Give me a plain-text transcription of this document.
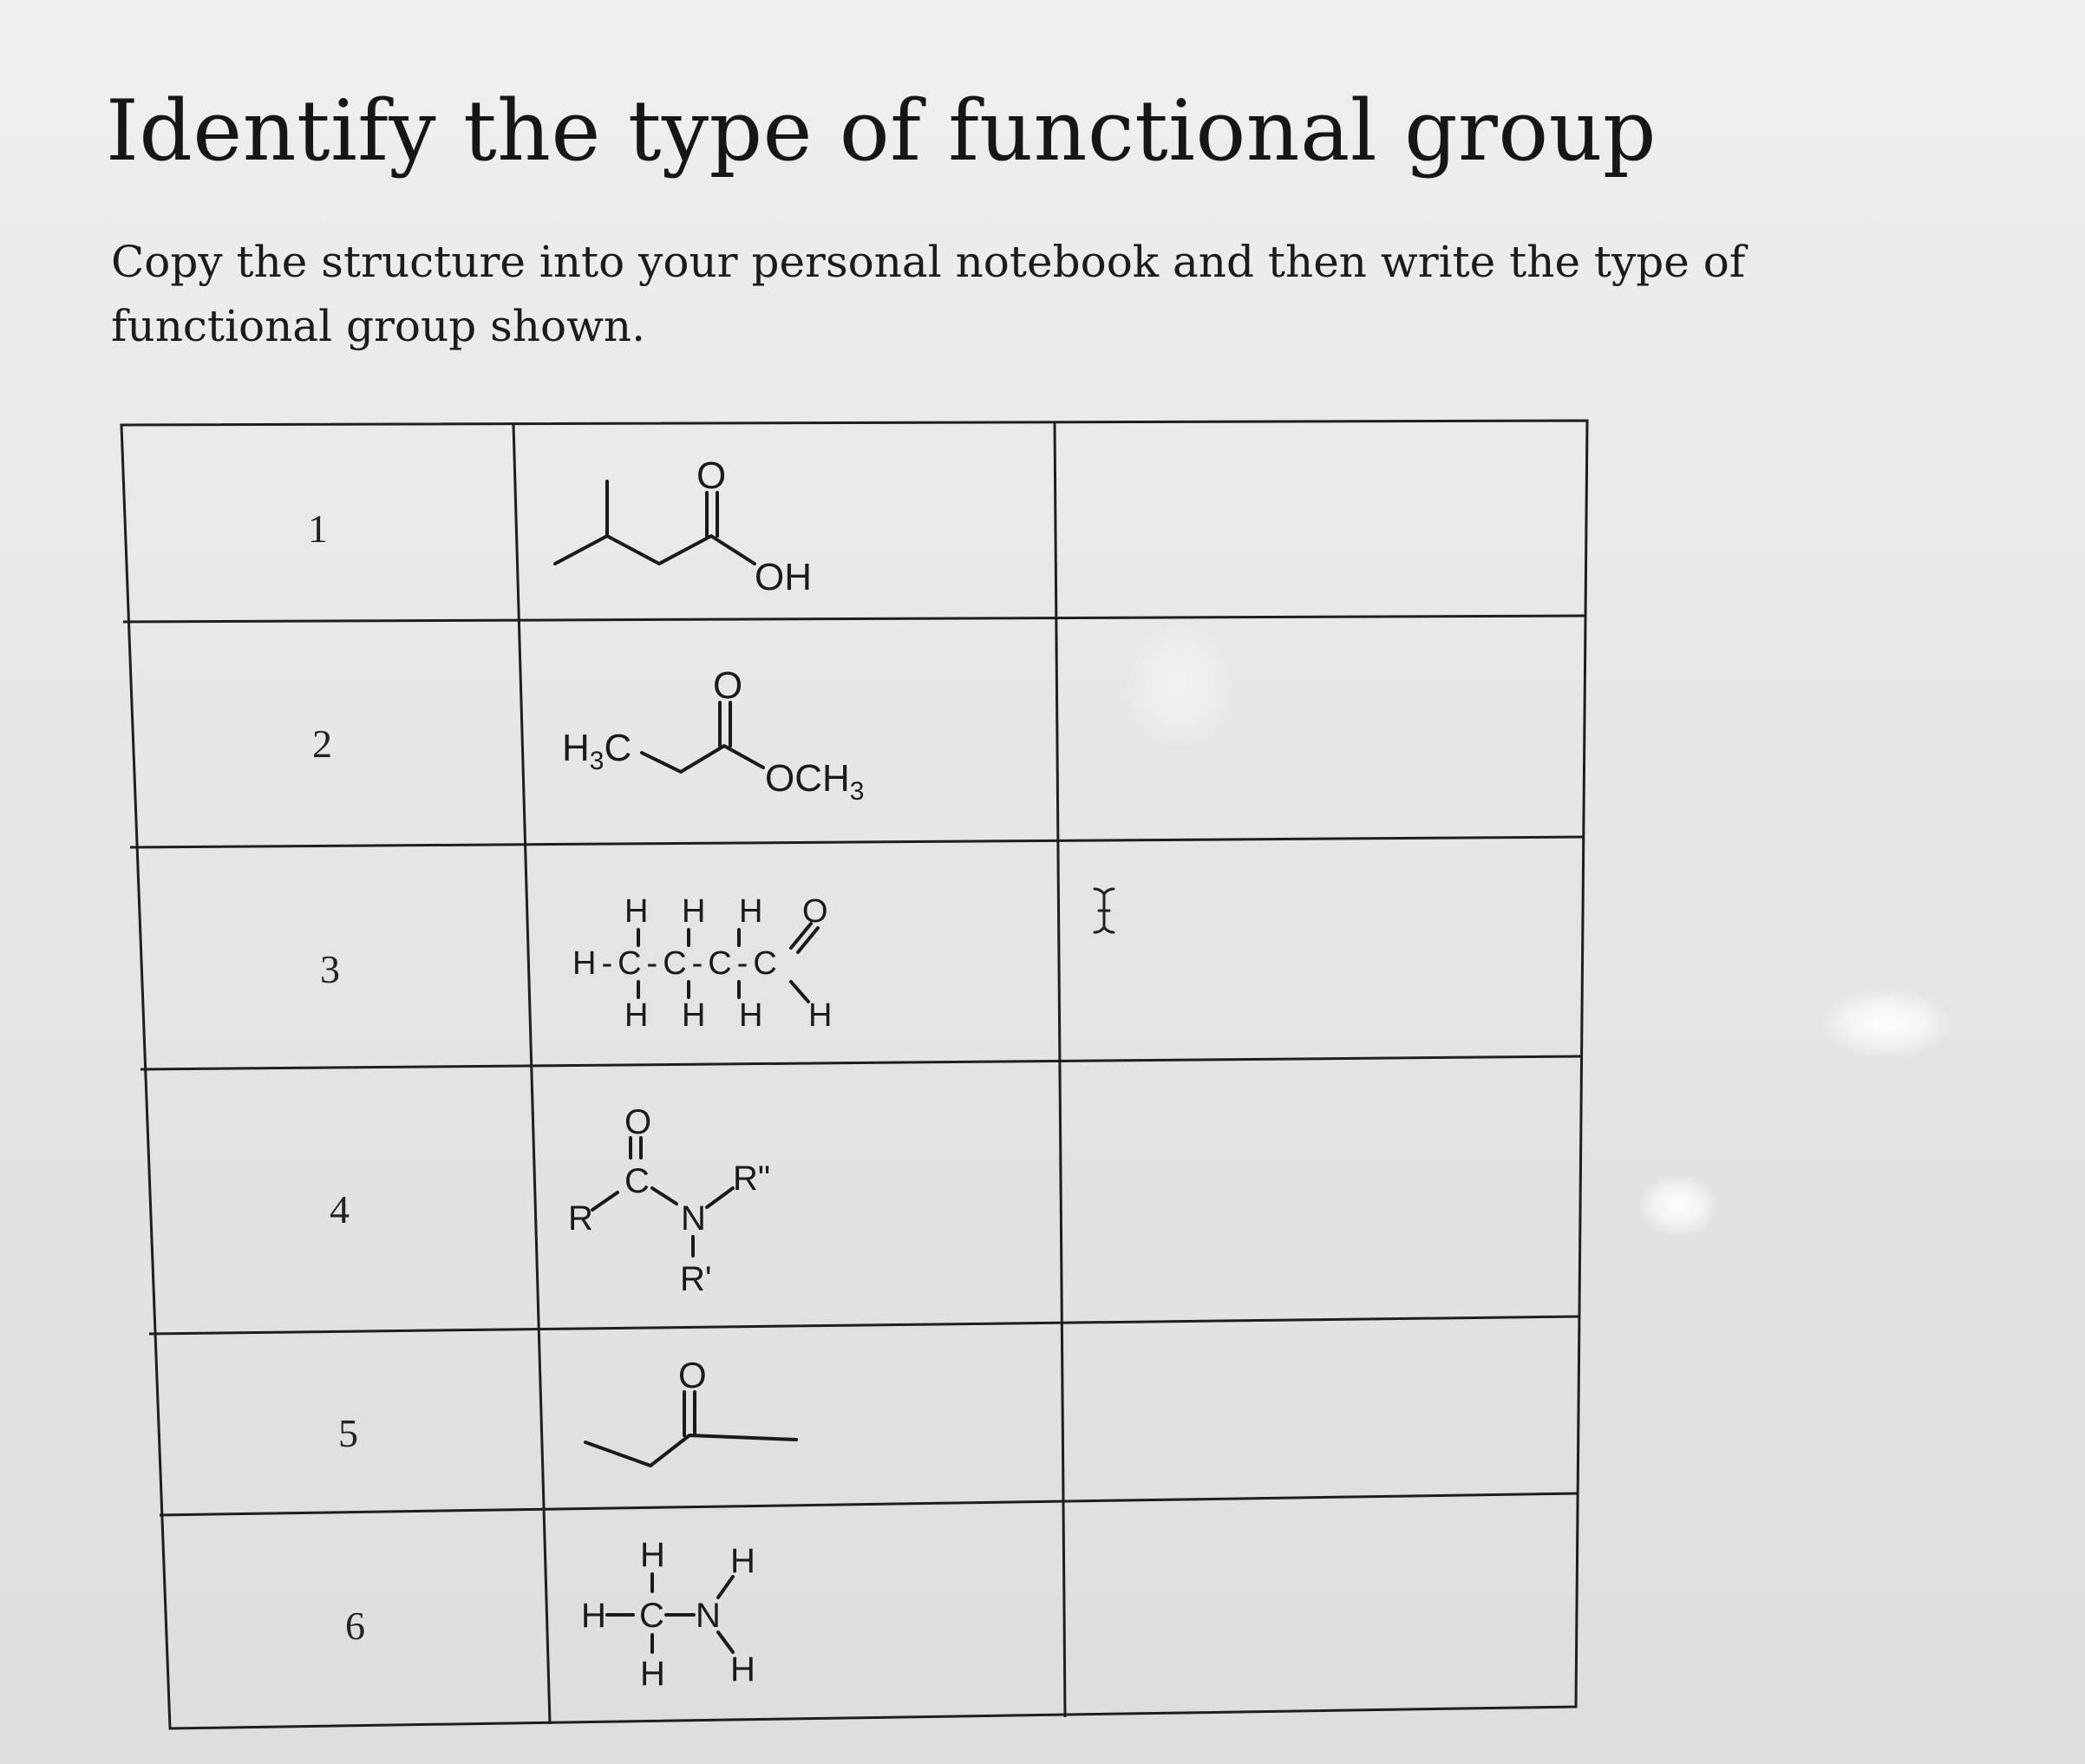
Identify the type of functional group

Copy the structure into your personal notebook and then write the type of functional group shown.

1
2
3
4
5
6
O
OH
$H_3C$
O
$OCH_3$
H H H
H-C-C-C-C
H H H
O
H
O
C
R	N
R"
R'
O
H
H C N
H
H
H
